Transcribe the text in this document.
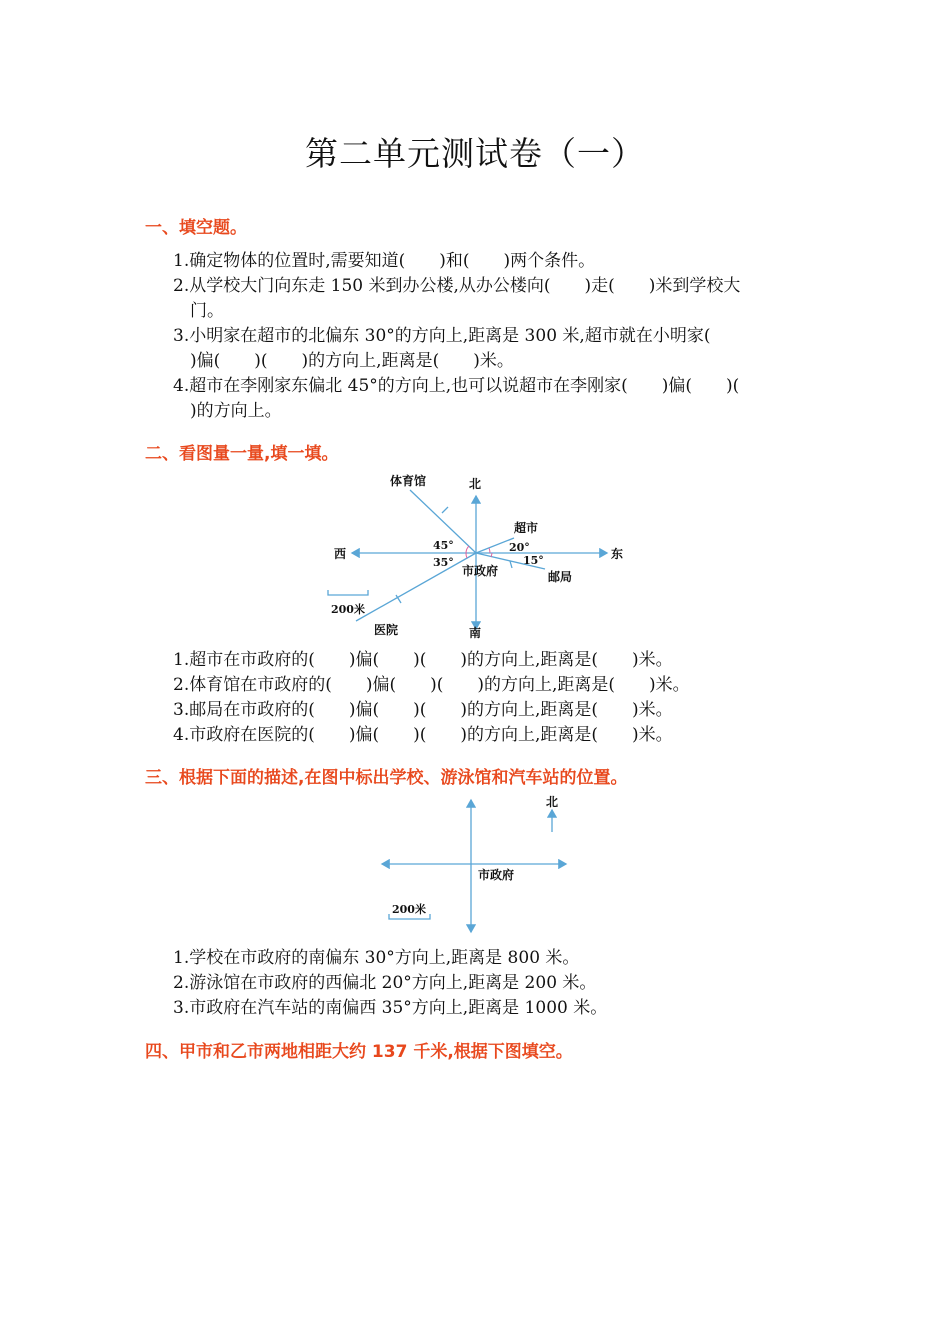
第二单元测试卷（一）
一、填空题。
1.确定物体的位置时,需要知道(　　)和(　　)两个条件。
2.从学校大门向东走 150 米到办公楼,从办公楼向(　　)走(　　)米到学校大
门。
3.小明家在超市的北偏东 30°的方向上,距离是 300 米,超市就在小明家(
)偏(　　)(　　)的方向上,距离是(　　)米。
4.超市在李刚家东偏北 45°的方向上,也可以说超市在李刚家(　　)偏(　　)(
)的方向上。
二、看图量一量,填一填。
体育馆	北
超市
20°
45°
35°	15°
西	东
市政府	邮局
200米
医院	南
1.超市在市政府的(　　)偏(　　)(　　)的方向上,距离是(　　)米。
2.体育馆在市政府的(　　)偏(　　)(　　)的方向上,距离是(　　)米。
3.邮局在市政府的(　　)偏(　　)(　　)的方向上,距离是(　　)米。
4.市政府在医院的(　　)偏(　　)(　　)的方向上,距离是(　　)米。
三、根据下面的描述,在图中标出学校、游泳馆和汽车站的位置。
北
市政府
200米
1.学校在市政府的南偏东 30°方向上,距离是 800 米。
2.游泳馆在市政府的西偏北 20°方向上,距离是 200 米。
3.市政府在汽车站的南偏西 35°方向上,距离是 1000 米。
四、甲市和乙市两地相距大约 137 千米,根据下图填空。
